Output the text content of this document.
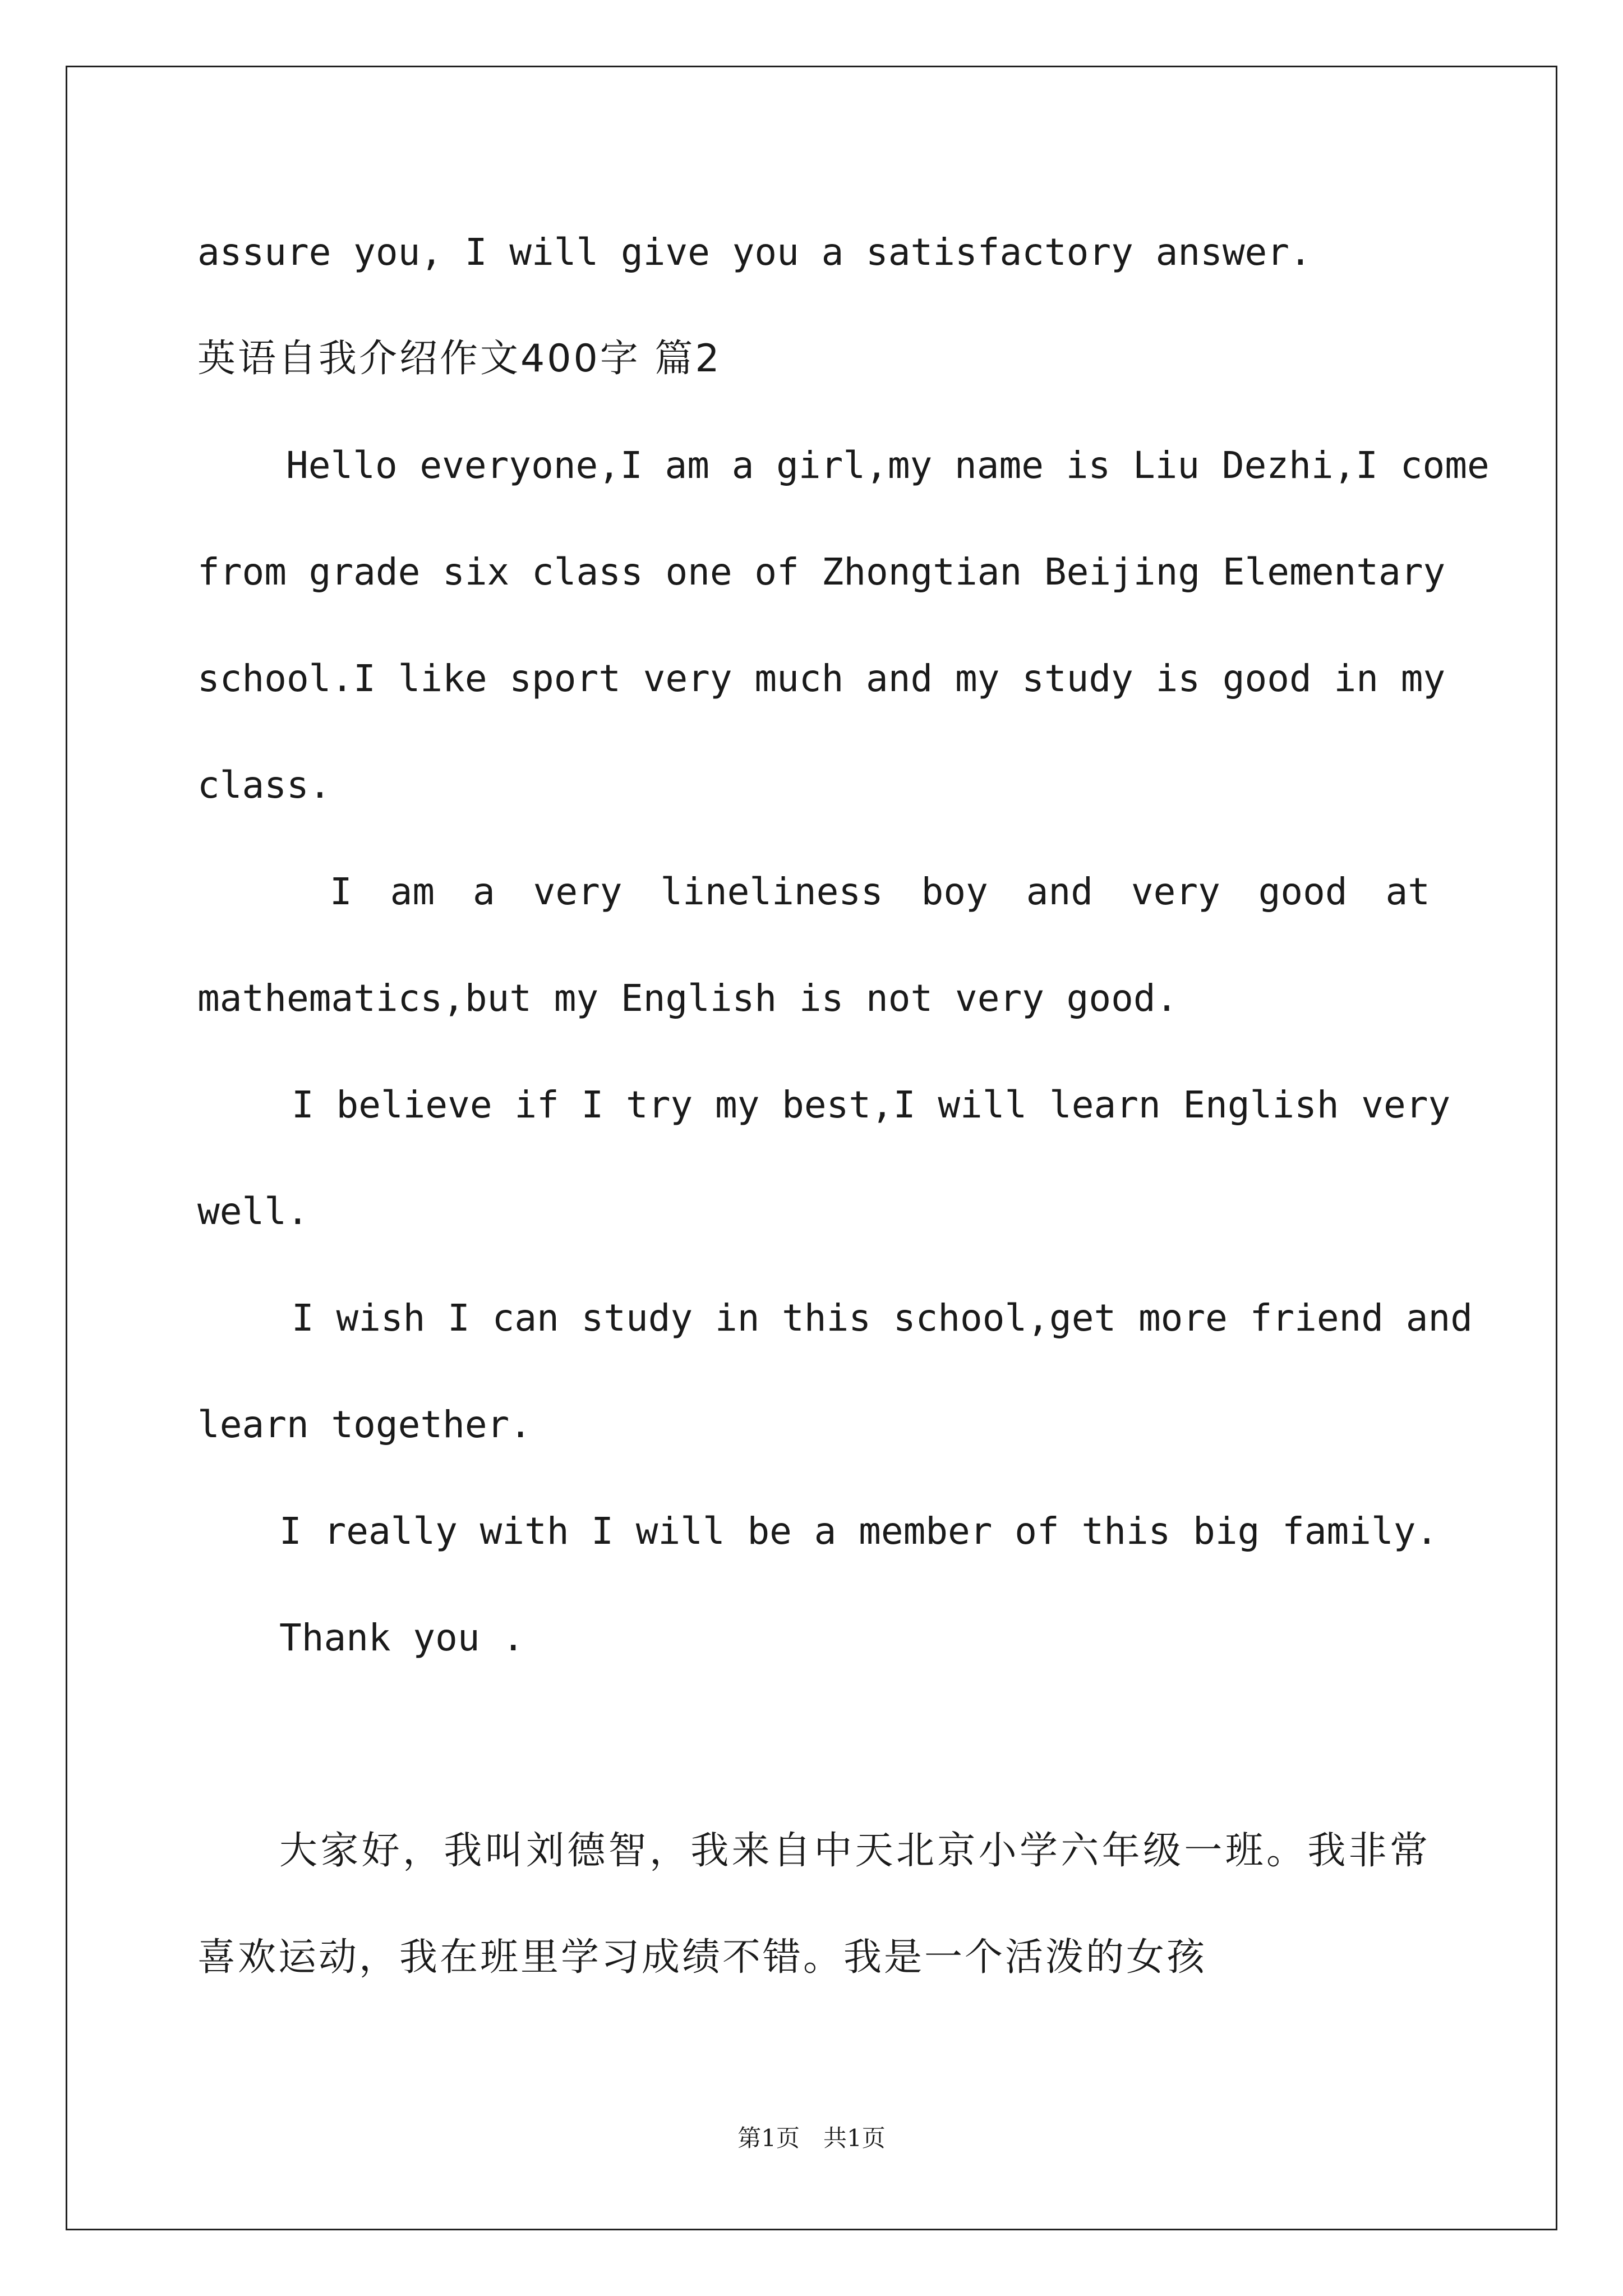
assure you, I will give you a satisfactory answer.
英语自我介绍作文400字 篇2
Hello everyone,I am a girl,my name is Liu Dezhi,I come
from grade six class one of Zhongtian Beijing Elementary
school.I like sport very much and my study is good in my
class.
I am a very lineliness boy and very good at
mathematics,but my English is not very good.
I believe if I try my best,I will learn English very
well.
I wish I can study in this school,get more friend and
learn together.
I really with I will be a member of this big family.
Thank you .
大家好，我叫刘德智，我来自中天北京小学六年级一班。我非常
喜欢运动，我在班里学习成绩不错。我是一个活泼的女孩
第1页　共1页
